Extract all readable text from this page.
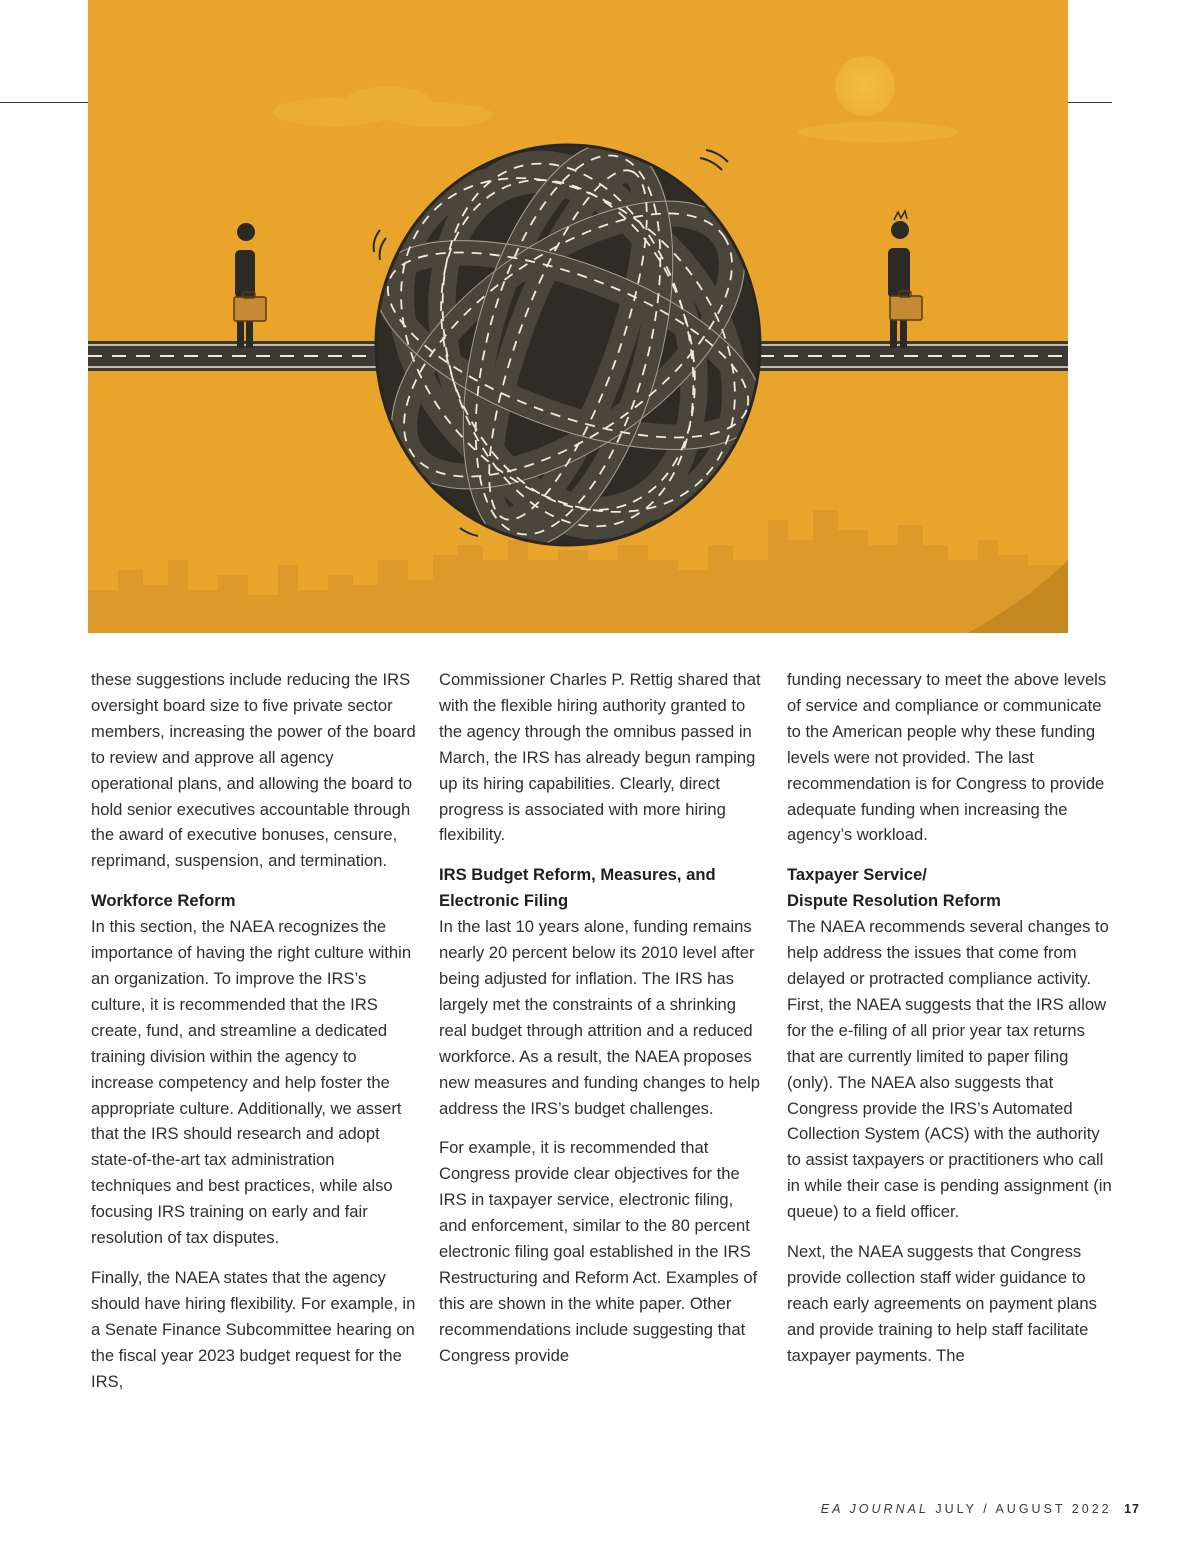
these suggestions include reducing the IRS oversight board size to five private sector members, increasing the power of the board to review and approve all agency operational plans, and allowing the board to hold senior executives accountable through the award of executive bonuses, censure, reprimand, suspension, and termination.

Workforce Reform

In this section, the NAEA recognizes the importance of having the right culture within an organization. To improve the IRS’s culture, it is recommended that the IRS create, fund, and streamline a dedicated training division within the agency to increase competency and help foster the appropriate culture. Additionally, we assert that the IRS should research and adopt state-of-the-art tax administration techniques and best practices, while also focusing IRS training on early and fair resolution of tax disputes.

Finally, the NAEA states that the agency should have hiring flexibility. For example, in a Senate Finance Subcommittee hearing on the fiscal year 2023 budget request for the IRS,

Commissioner Charles P. Rettig shared that with the flexible hiring authority granted to the agency through the omnibus passed in March, the IRS has already begun ramping up its hiring capabilities. Clearly, direct progress is associated with more hiring flexibility.

IRS Budget Reform, Measures, and Electronic Filing

In the last 10 years alone, funding remains nearly 20 percent below its 2010 level after being adjusted for inflation. The IRS has largely met the constraints of a shrinking real budget through attrition and a reduced workforce. As a result, the NAEA proposes new measures and funding changes to help address the IRS’s budget challenges.

For example, it is recommended that Congress provide clear objectives for the IRS in taxpayer service, electronic filing, and enforcement, similar to the 80 percent electronic filing goal established in the IRS Restructuring and Reform Act. Examples of this are shown in the white paper. Other recommendations include suggesting that Congress provide

funding necessary to meet the above levels of service and compliance or communicate to the American people why these funding levels were not provided. The last recommendation is for Congress to provide adequate funding when increasing the agency’s workload.

Taxpayer Service/
Dispute Resolution Reform

The NAEA recommends several changes to help address the issues that come from delayed or protracted compliance activity. First, the NAEA suggests that the IRS allow for the e-filing of all prior year tax returns that are currently limited to paper filing (only). The NAEA also suggests that Congress provide the IRS’s Automated Collection System (ACS) with the authority to assist taxpayers or practitioners who call in while their case is pending assignment (in queue) to a field officer.

Next, the NAEA suggests that Congress provide collection staff wider guidance to reach early agreements on payment plans and provide training to help staff facilitate taxpayer payments. The

EA JOURNAL JULY / AUGUST 2022 17
